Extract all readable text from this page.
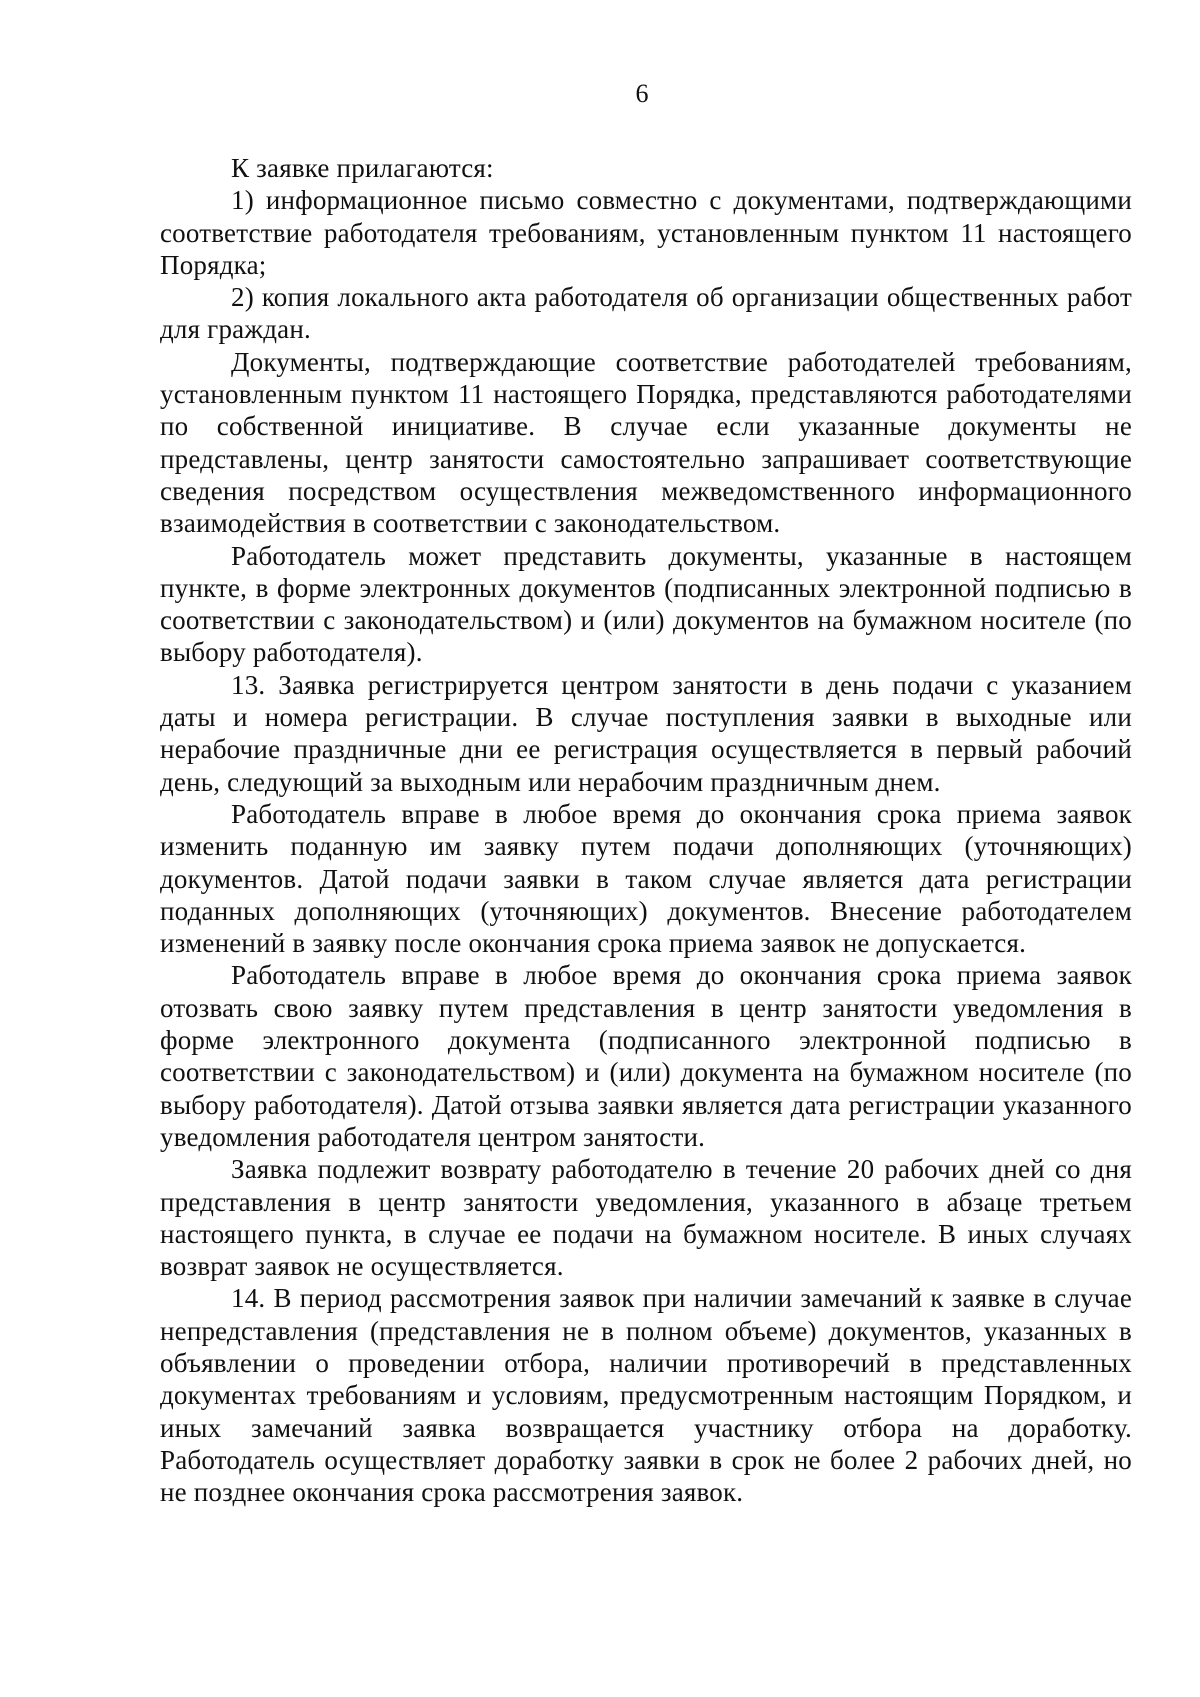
6

К заявке прилагаются:

1) информационное письмо совместно с документами, подтверждающими соответствие работодателя требованиям, установленным пунктом 11 настоящего Порядка;

2) копия локального акта работодателя об организации общественных работ для граждан.

Документы, подтверждающие соответствие работодателей требованиям, установленным пунктом 11 настоящего Порядка, представляются работодателями по собственной инициативе. В случае если указанные документы не представлены, центр занятости самостоятельно запрашивает соответствующие сведения посредством осуществления межведомственного информационного взаимодействия в соответствии с законодательством.

Работодатель может представить документы, указанные в настоящем пункте, в форме электронных документов (подписанных электронной подписью в соответствии с законодательством) и (или) документов на бумажном носителе (по выбору работодателя).

13. Заявка регистрируется центром занятости в день подачи с указанием даты и номера регистрации. В случае поступления заявки в выходные или нерабочие праздничные дни ее регистрация осуществляется в первый рабочий день, следующий за выходным или нерабочим праздничным днем.

Работодатель вправе в любое время до окончания срока приема заявок изменить поданную им заявку путем подачи дополняющих (уточняющих) документов. Датой подачи заявки в таком случае является дата регистрации поданных дополняющих (уточняющих) документов. Внесение работодателем изменений в заявку после окончания срока приема заявок не допускается.

Работодатель вправе в любое время до окончания срока приема заявок отозвать свою заявку путем представления в центр занятости уведомления в форме электронного документа (подписанного электронной подписью в соответствии с законодательством) и (или) документа на бумажном носителе (по выбору работодателя). Датой отзыва заявки является дата регистрации указанного уведомления работодателя центром занятости.

Заявка подлежит возврату работодателю в течение 20 рабочих дней со дня представления в центр занятости уведомления, указанного в абзаце третьем настоящего пункта, в случае ее подачи на бумажном носителе. В иных случаях возврат заявок не осуществляется.

14. В период рассмотрения заявок при наличии замечаний к заявке в случае непредставления (представления не в полном объеме) документов, указанных в объявлении о проведении отбора, наличии противоречий в представленных документах требованиям и условиям, предусмотренным настоящим Порядком, и иных замечаний заявка возвращается участнику отбора на доработку. Работодатель осуществляет доработку заявки в срок не более 2 рабочих дней, но не позднее окончания срока рассмотрения заявок.
